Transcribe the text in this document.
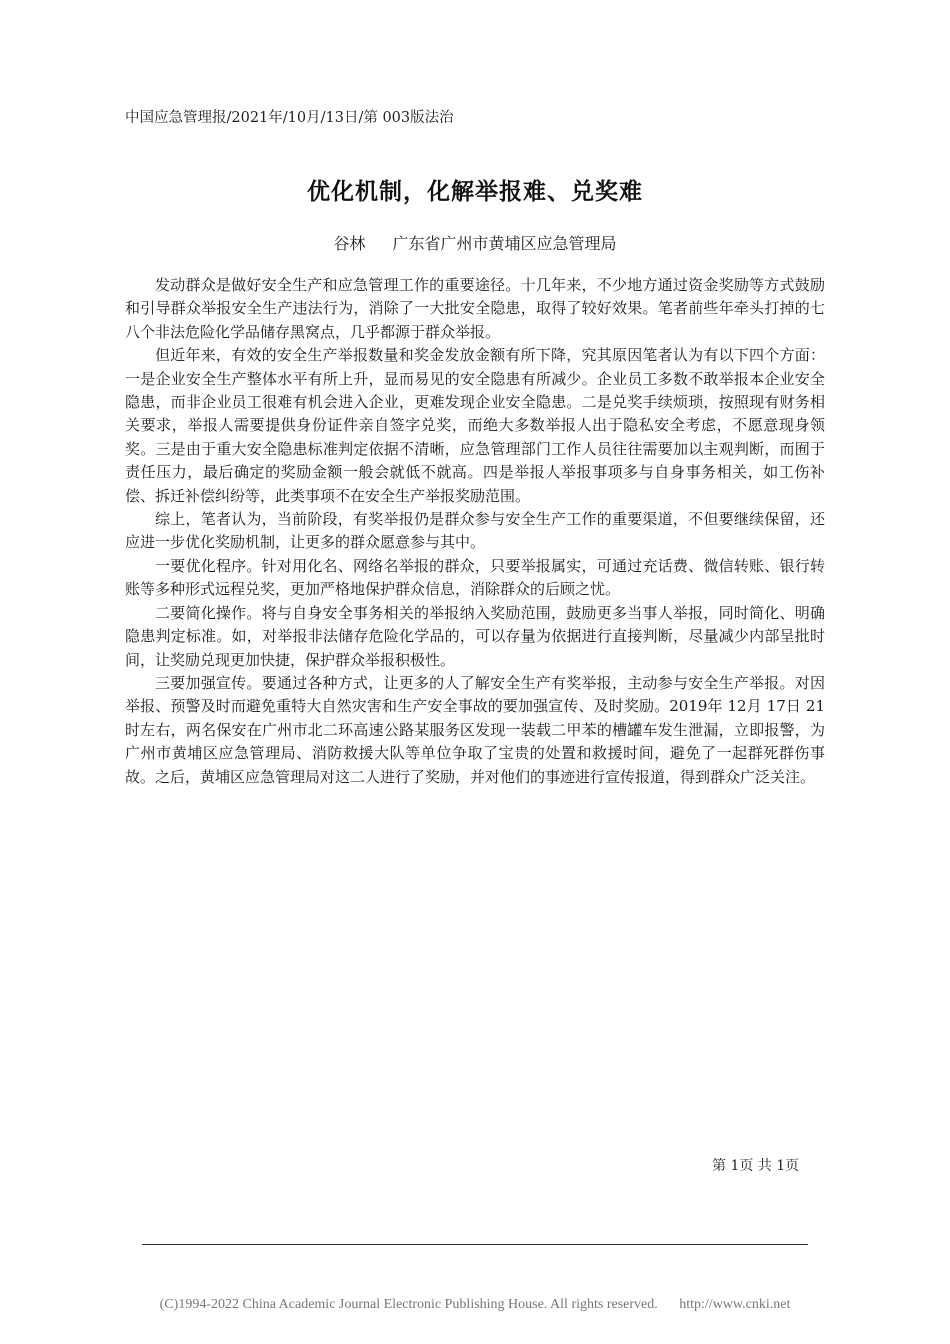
中国应急管理报/2021年/10月/13日/第 003版法治
优化机制，化解举报难、兑奖难
谷林 广东省广州市黄埔区应急管理局

发动群众是做好安全生产和应急管理工作的重要途径。十几年来，不少地方通过资金奖励等方式鼓励和引导群众举报安全生产违法行为，消除了一大批安全隐患，取得了较好效果。笔者前些年牵头打掉的七八个非法危险化学品储存黑窝点，几乎都源于群众举报。

但近年来，有效的安全生产举报数量和奖金发放金额有所下降，究其原因笔者认为有以下四个方面：一是企业安全生产整体水平有所上升，显而易见的安全隐患有所减少。企业员工多数不敢举报本企业安全隐患，而非企业员工很难有机会进入企业，更难发现企业安全隐患。二是兑奖手续烦琐，按照现有财务相关要求，举报人需要提供身份证件亲自签字兑奖，而绝大多数举报人出于隐私安全考虑，不愿意现身领奖。三是由于重大安全隐患标准判定依据不清晰，应急管理部门工作人员往往需要加以主观判断，而囿于责任压力，最后确定的奖励金额一般会就低不就高。四是举报人举报事项多与自身事务相关，如工伤补偿、拆迁补偿纠纷等，此类事项不在安全生产举报奖励范围。

综上，笔者认为，当前阶段，有奖举报仍是群众参与安全生产工作的重要渠道，不但要继续保留，还应进一步优化奖励机制，让更多的群众愿意参与其中。

一要优化程序。针对用化名、网络名举报的群众，只要举报属实，可通过充话费、微信转账、银行转账等多种形式远程兑奖，更加严格地保护群众信息，消除群众的后顾之忧。

二要简化操作。将与自身安全事务相关的举报纳入奖励范围，鼓励更多当事人举报，同时简化、明确隐患判定标准。如，对举报非法储存危险化学品的，可以存量为依据进行直接判断，尽量减少内部呈批时间，让奖励兑现更加快捷，保护群众举报积极性。

三要加强宣传。要通过各种方式，让更多的人了解安全生产有奖举报，主动参与安全生产举报。对因举报、预警及时而避免重特大自然灾害和生产安全事故的要加强宣传、及时奖励。2019年 12月 17日 21时左右，两名保安在广州市北二环高速公路某服务区发现一装载二甲苯的槽罐车发生泄漏，立即报警，为广州市黄埔区应急管理局、消防救援大队等单位争取了宝贵的处置和救援时间，避免了一起群死群伤事故。之后，黄埔区应急管理局对这二人进行了奖励，并对他们的事迹进行宣传报道，得到群众广泛关注。

第 1页 共 1页
(C)1994-2022 China Academic Journal Electronic Publishing House. All rights reserved. http://www.cnki.net
